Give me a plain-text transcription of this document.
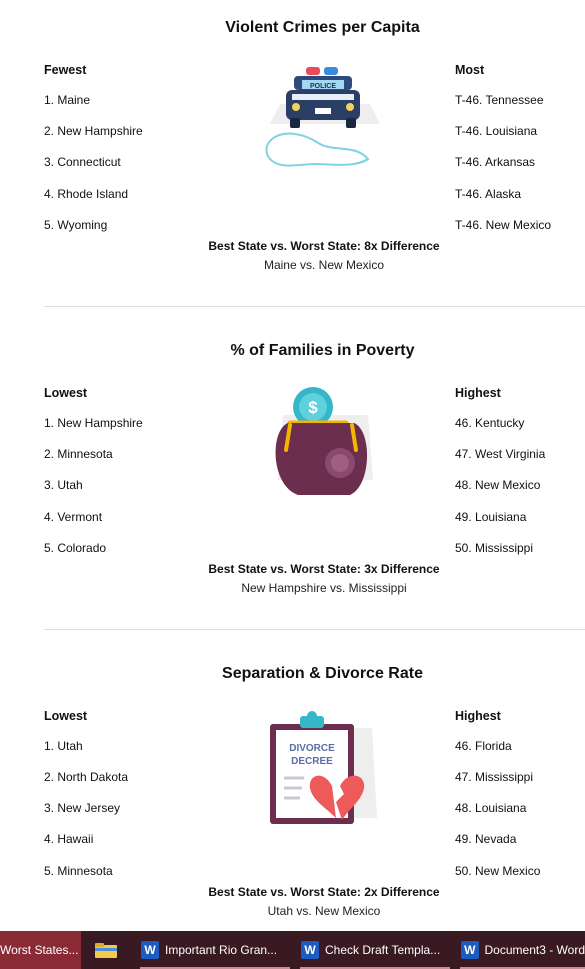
Violent Crimes per Capita
Fewest	Most
1. Maine
2. New Hampshire
3. Connecticut
4. Rhode Island
5. Wyoming
T-46. Tennessee
T-46. Louisiana
T-46. Arkansas
T-46. Alaska
T-46. New Mexico
POLICE
Best State vs. Worst State: 8x Difference
Maine vs. New Mexico
% of Families in Poverty
Lowest	Highest
1. New Hampshire
2. Minnesota
3. Utah
4. Vermont
5. Colorado
46. Kentucky
47. West Virginia
48. New Mexico
49. Louisiana
50. Mississippi
$
Best State vs. Worst State: 3x Difference
New Hampshire vs. Mississippi
Separation & Divorce Rate
Lowest	Highest
1. Utah
2. North Dakota
3. New Jersey
4. Hawaii
5. Minnesota
46. Florida
47. Mississippi
48. Louisiana
49. Nevada
50. New Mexico
DIVORCE
DECREE
Best State vs. Worst State: 2x Difference
Utah vs. New Mexico
Worst States...	W Important Rio Gran... W Check Draft Templa... W Document3 - Word
